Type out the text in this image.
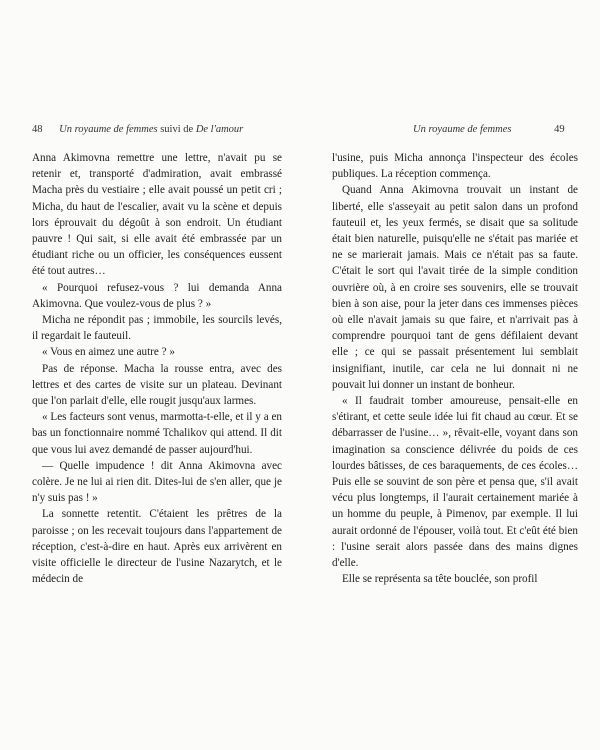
48 Un royaume de femmes suivi de De l'amour

Anna Akimovna remettre une lettre, n'avait pu se retenir et, transporté d'admiration, avait embrassé Macha près du vestiaire ; elle avait poussé un petit cri ; Micha, du haut de l'escalier, avait vu la scène et depuis lors éprouvait du dégoût à son endroit. Un étudiant pauvre ! Qui sait, si elle avait été embrassée par un étudiant riche ou un officier, les conséquences eussent été tout autres…

« Pourquoi refusez-vous ? lui demanda Anna Akimovna. Que voulez-vous de plus ? »

Micha ne répondit pas ; immobile, les sourcils levés, il regardait le fauteuil.

« Vous en aimez une autre ? »

Pas de réponse. Macha la rousse entra, avec des lettres et des cartes de visite sur un plateau. Devinant que l'on parlait d'elle, elle rougit jusqu'aux larmes.

« Les facteurs sont venus, marmotta-t-elle, et il y a en bas un fonctionnaire nommé Tchalikov qui attend. Il dit que vous lui avez demandé de passer aujourd'hui.

— Quelle impudence ! dit Anna Akimovna avec colère. Je ne lui ai rien dit. Dites-lui de s'en aller, que je n'y suis pas ! »

La sonnette retentit. C'étaient les prêtres de la paroisse ; on les recevait toujours dans l'appartement de réception, c'est-à-dire en haut. Après eux arrivèrent en visite officielle le directeur de l'usine Nazarytch, et le médecin de

Un royaume de femmes	49

l'usine, puis Micha annonça l'inspecteur des écoles publiques. La réception commença.

Quand Anna Akimovna trouvait un instant de liberté, elle s'asseyait au petit salon dans un profond fauteuil et, les yeux fermés, se disait que sa solitude était bien naturelle, puisqu'elle ne s'était pas mariée et ne se marierait jamais. Mais ce n'était pas sa faute. C'était le sort qui l'avait tirée de la simple condition ouvrière où, à en croire ses souvenirs, elle se trouvait bien à son aise, pour la jeter dans ces immenses pièces où elle n'avait jamais su que faire, et n'arrivait pas à comprendre pourquoi tant de gens défilaient devant elle ; ce qui se passait présentement lui semblait insignifiant, inutile, car cela ne lui donnait ni ne pouvait lui donner un instant de bonheur.

« Il faudrait tomber amoureuse, pensait-elle en s'étirant, et cette seule idée lui fit chaud au cœur. Et se débarrasser de l'usine… », rêvait-elle, voyant dans son imagination sa conscience délivrée du poids de ces lourdes bâtisses, de ces baraquements, de ces écoles… Puis elle se souvint de son père et pensa que, s'il avait vécu plus longtemps, il l'aurait certainement mariée à un homme du peuple, à Pimenov, par exemple. Il lui aurait ordonné de l'épouser, voilà tout. Et c'eût été bien : l'usine serait alors passée dans des mains dignes d'elle.

Elle se représenta sa tête bouclée, son profil
